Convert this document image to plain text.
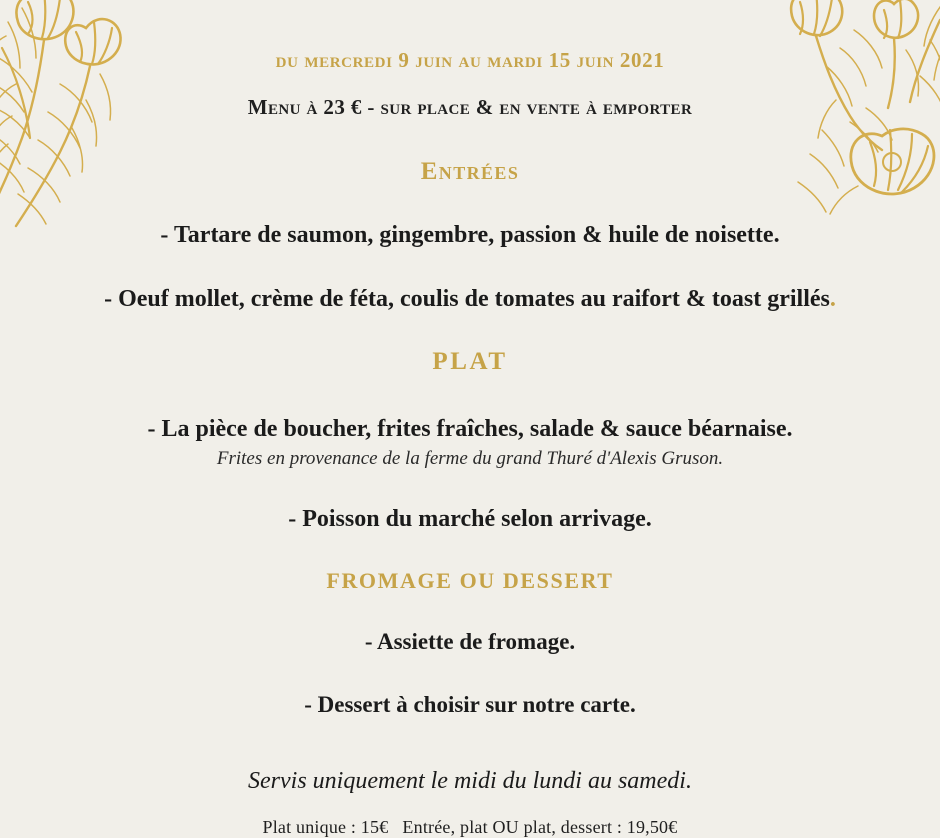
du mercredi 9 juin au mardi 15 juin 2021

Menu à 23 € - sur place & en vente à emporter

Entrées

- Tartare de saumon, gingembre, passion & huile de noisette.

- Oeuf mollet, crème de féta, coulis de tomates au raifort & toast grillés.

PLAT

- La pièce de boucher, frites fraîches, salade & sauce béarnaise.

Frites en provenance de la ferme du grand Thuré d'Alexis Gruson.

- Poisson du marché selon arrivage.

FROMAGE OU DESSERT

- Assiette de fromage.

- Dessert à choisir sur notre carte.

Servis uniquement le midi du lundi au samedi.

Plat unique : 15€ Entrée, plat OU plat, dessert : 19,50€
